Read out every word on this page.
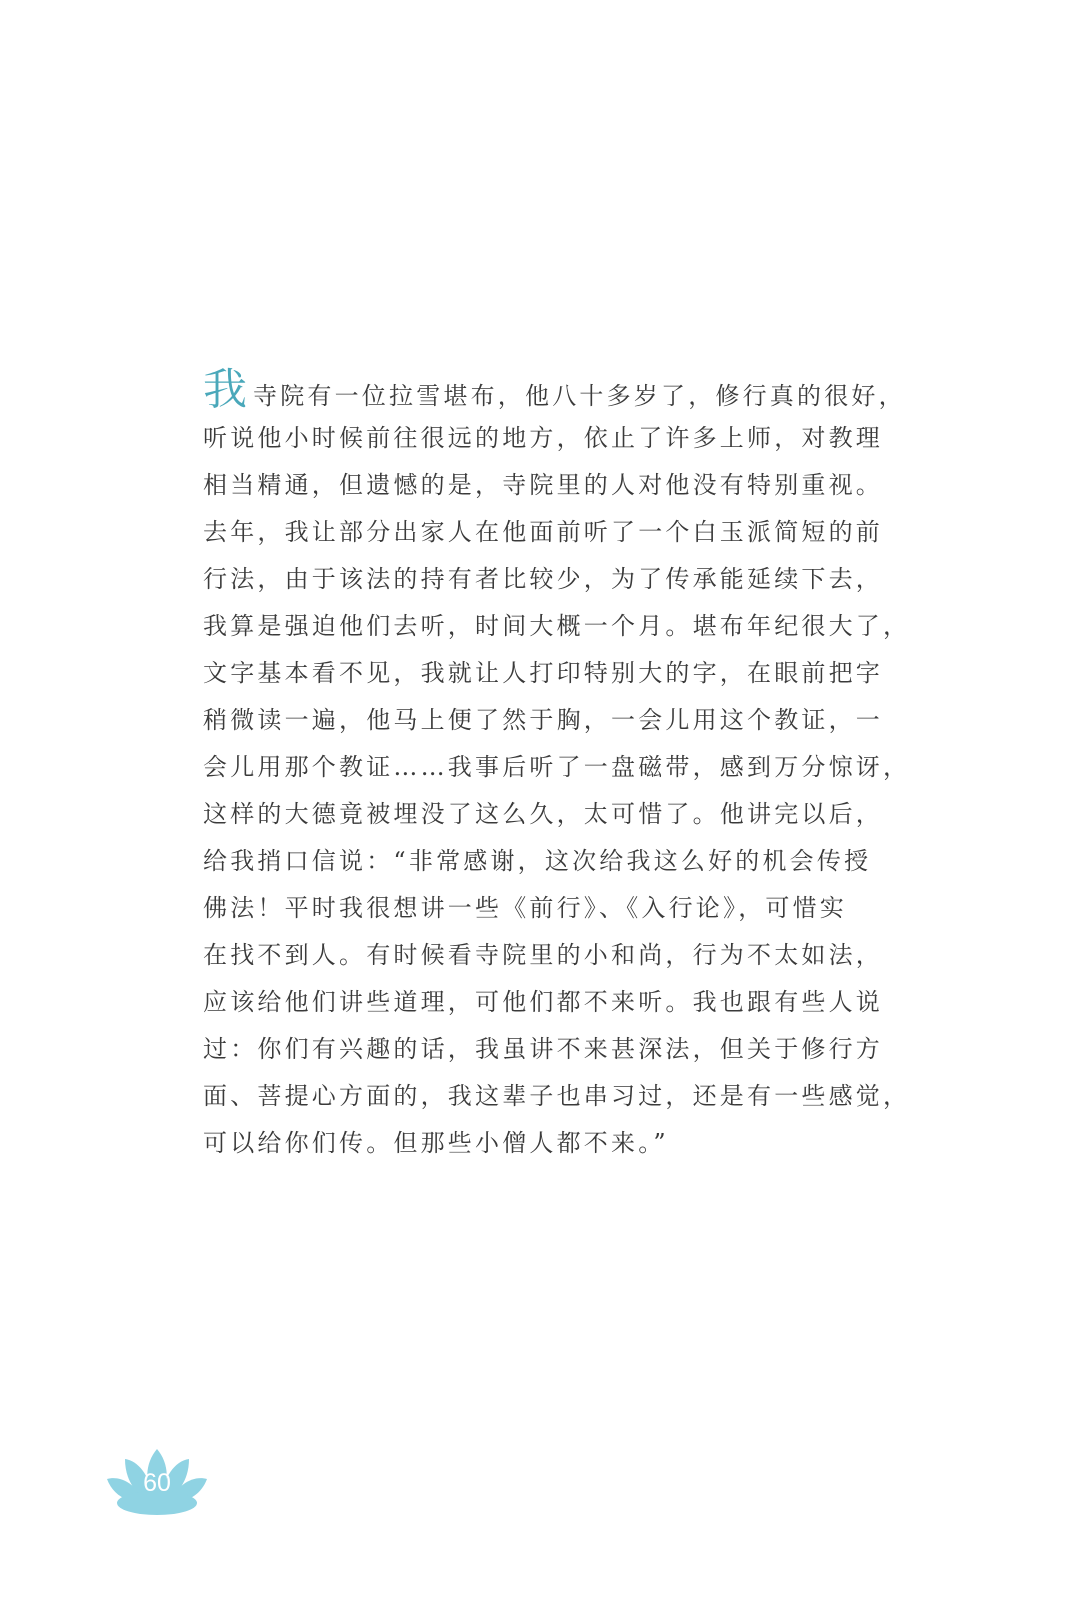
我寺院有一位拉雪堪布，他八十多岁了，修行真的很好，
听说他小时候前往很远的地方，依止了许多上师，对教理
相当精通，但遗憾的是，寺院里的人对他没有特别重视。
去年，我让部分出家人在他面前听了一个白玉派简短的前
行法，由于该法的持有者比较少，为了传承能延续下去，
我算是强迫他们去听，时间大概一个月。堪布年纪很大了，
文字基本看不见，我就让人打印特别大的字，在眼前把字
稍微读一遍，他马上便了然于胸，一会儿用这个教证，一
会儿用那个教证……我事后听了一盘磁带，感到万分惊讶，
这样的大德竟被埋没了这么久，太可惜了。他讲完以后，
给我捎口信说：“非常感谢，这次给我这么好的机会传授
佛法！平时我很想讲一些《前行》、《入行论》，可惜实
在找不到人。有时候看寺院里的小和尚，行为不太如法，
应该给他们讲些道理，可他们都不来听。我也跟有些人说
过：你们有兴趣的话，我虽讲不来甚深法，但关于修行方
面、菩提心方面的，我这辈子也串习过，还是有一些感觉，
可以给你们传。但那些小僧人都不来。”
60
